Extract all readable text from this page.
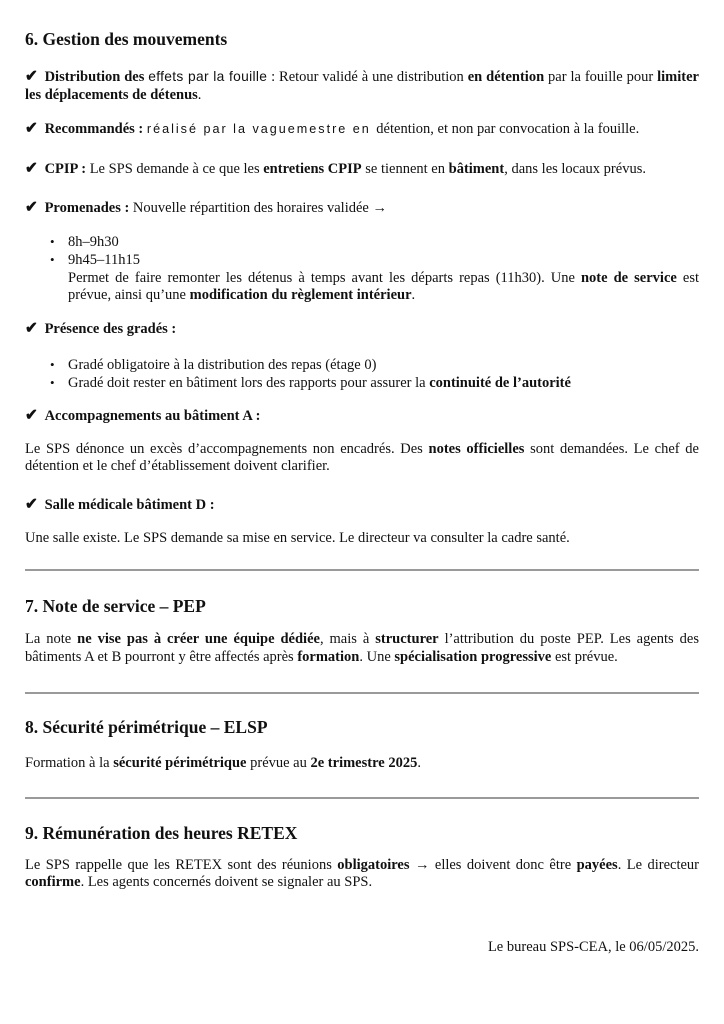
6. Gestion des mouvements

✔ Distribution des effets par la fouille : Retour validé à une distribution en détention par la fouille pour limiter les déplacements de détenus.

✔ Recommandés : réalisé par la vaguemestre en détention, et non par convocation à la fouille.

✔ CPIP : Le SPS demande à ce que les entretiens CPIP se tiennent en bâtiment, dans les locaux prévus.

✔ Promenades : Nouvelle répartition des horaires validée →

• 8h–9h30
• 9h45–11h15

Permet de faire remonter les détenus à temps avant les départs repas (11h30). Une note de service est prévue, ainsi qu’une modification du règlement intérieur.

✔ Présence des gradés :

• Gradé obligatoire à la distribution des repas (étage 0)
• Gradé doit rester en bâtiment lors des rapports pour assurer la continuité de l’autorité

✔ Accompagnements au bâtiment A :

Le SPS dénonce un excès d’accompagnements non encadrés. Des notes officielles sont demandées. Le chef de détention et le chef d’établissement doivent clarifier.

✔ Salle médicale bâtiment D :

Une salle existe. Le SPS demande sa mise en service. Le directeur va consulter la cadre santé.

7. Note de service – PEP

La note ne vise pas à créer une équipe dédiée, mais à structurer l’attribution du poste PEP. Les agents des bâtiments A et B pourront y être affectés après formation. Une spécialisation progressive est prévue.

8. Sécurité périmétrique – ELSP

Formation à la sécurité périmétrique prévue au 2e trimestre 2025.

9. Rémunération des heures RETEX

Le SPS rappelle que les RETEX sont des réunions obligatoires → elles doivent donc être payées. Le directeur confirme. Les agents concernés doivent se signaler au SPS.

Le bureau SPS-CEA, le 06/05/2025.
